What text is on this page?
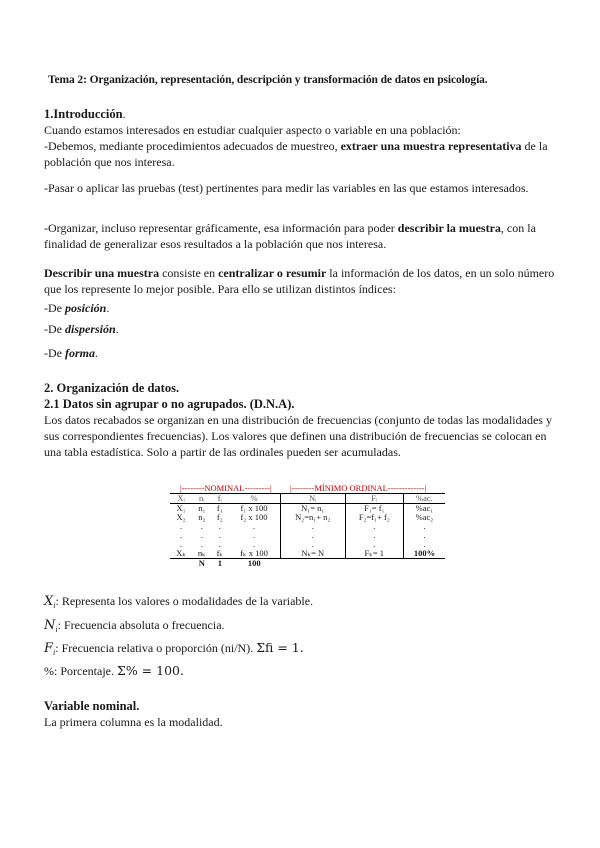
Tema 2: Organización, representación, descripción y transformación de datos en psicología.
1.Introducción.
Cuando estamos interesados en estudiar cualquier aspecto o variable en una población:
-Debemos, mediante procedimientos adecuados de muestreo, extraer una muestra representativa de la población que nos interesa.
-Pasar o aplicar las pruebas (test) pertinentes para medir las variables en las que estamos interesados.
-Organizar, incluso representar gráficamente, esa información para poder describir la muestra, con la finalidad de generalizar esos resultados a la población que nos interesa.
Describir una muestra consiste en centralizar o resumir la información de los datos, en un solo número que los represente lo mejor posible. Para ello se utilizan distintos índices:
-De posición.
-De dispersión.
-De forma.
2. Organización de datos.
2.1 Datos sin agrupar o no agrupados. (D.N.A).
Los datos recabados se organizan en una distribución de frecuencias (conjunto de todas las modalidades y sus correspondientes frecuencias). Los valores que definen una distribución de frecuencias se colocan en una tabla estadística. Solo a partir de las ordinales pueden ser acumuladas.
|--------NOMINAL---------| |--------MÍNIMO ORDINAL-------------|
Xᵢ	nᵢ	fᵢ	%	Nᵢ	Fᵢ	%ac.
X₁	n₁	f₁	f₁ x 100	N₁= n₁	F₁= f₁	%ac₁
X₂	n₂	f₂	f₂ x 100	N₂=n₁+ n₂	F₂=f₁+ f₂	%ac₂
.	.	.	.	.	.	.
.	.	.	.	.	.	.
.	.	.	.	.	.	.
Xₖ	nₖ	fₖ	fₖ x 100	Nₖ= N	Fₖ= 1	100%
	N	1	100			
$X_i$: Representa los valores o modalidades de la variable.
$N_i$: Frecuencia absoluta o frecuencia.
$F_i$: Frecuencia relativa o proporción (ni/N). Σfi = 1.
%: Porcentaje. Σ% = 100.
Variable nominal.
La primera columna es la modalidad.
